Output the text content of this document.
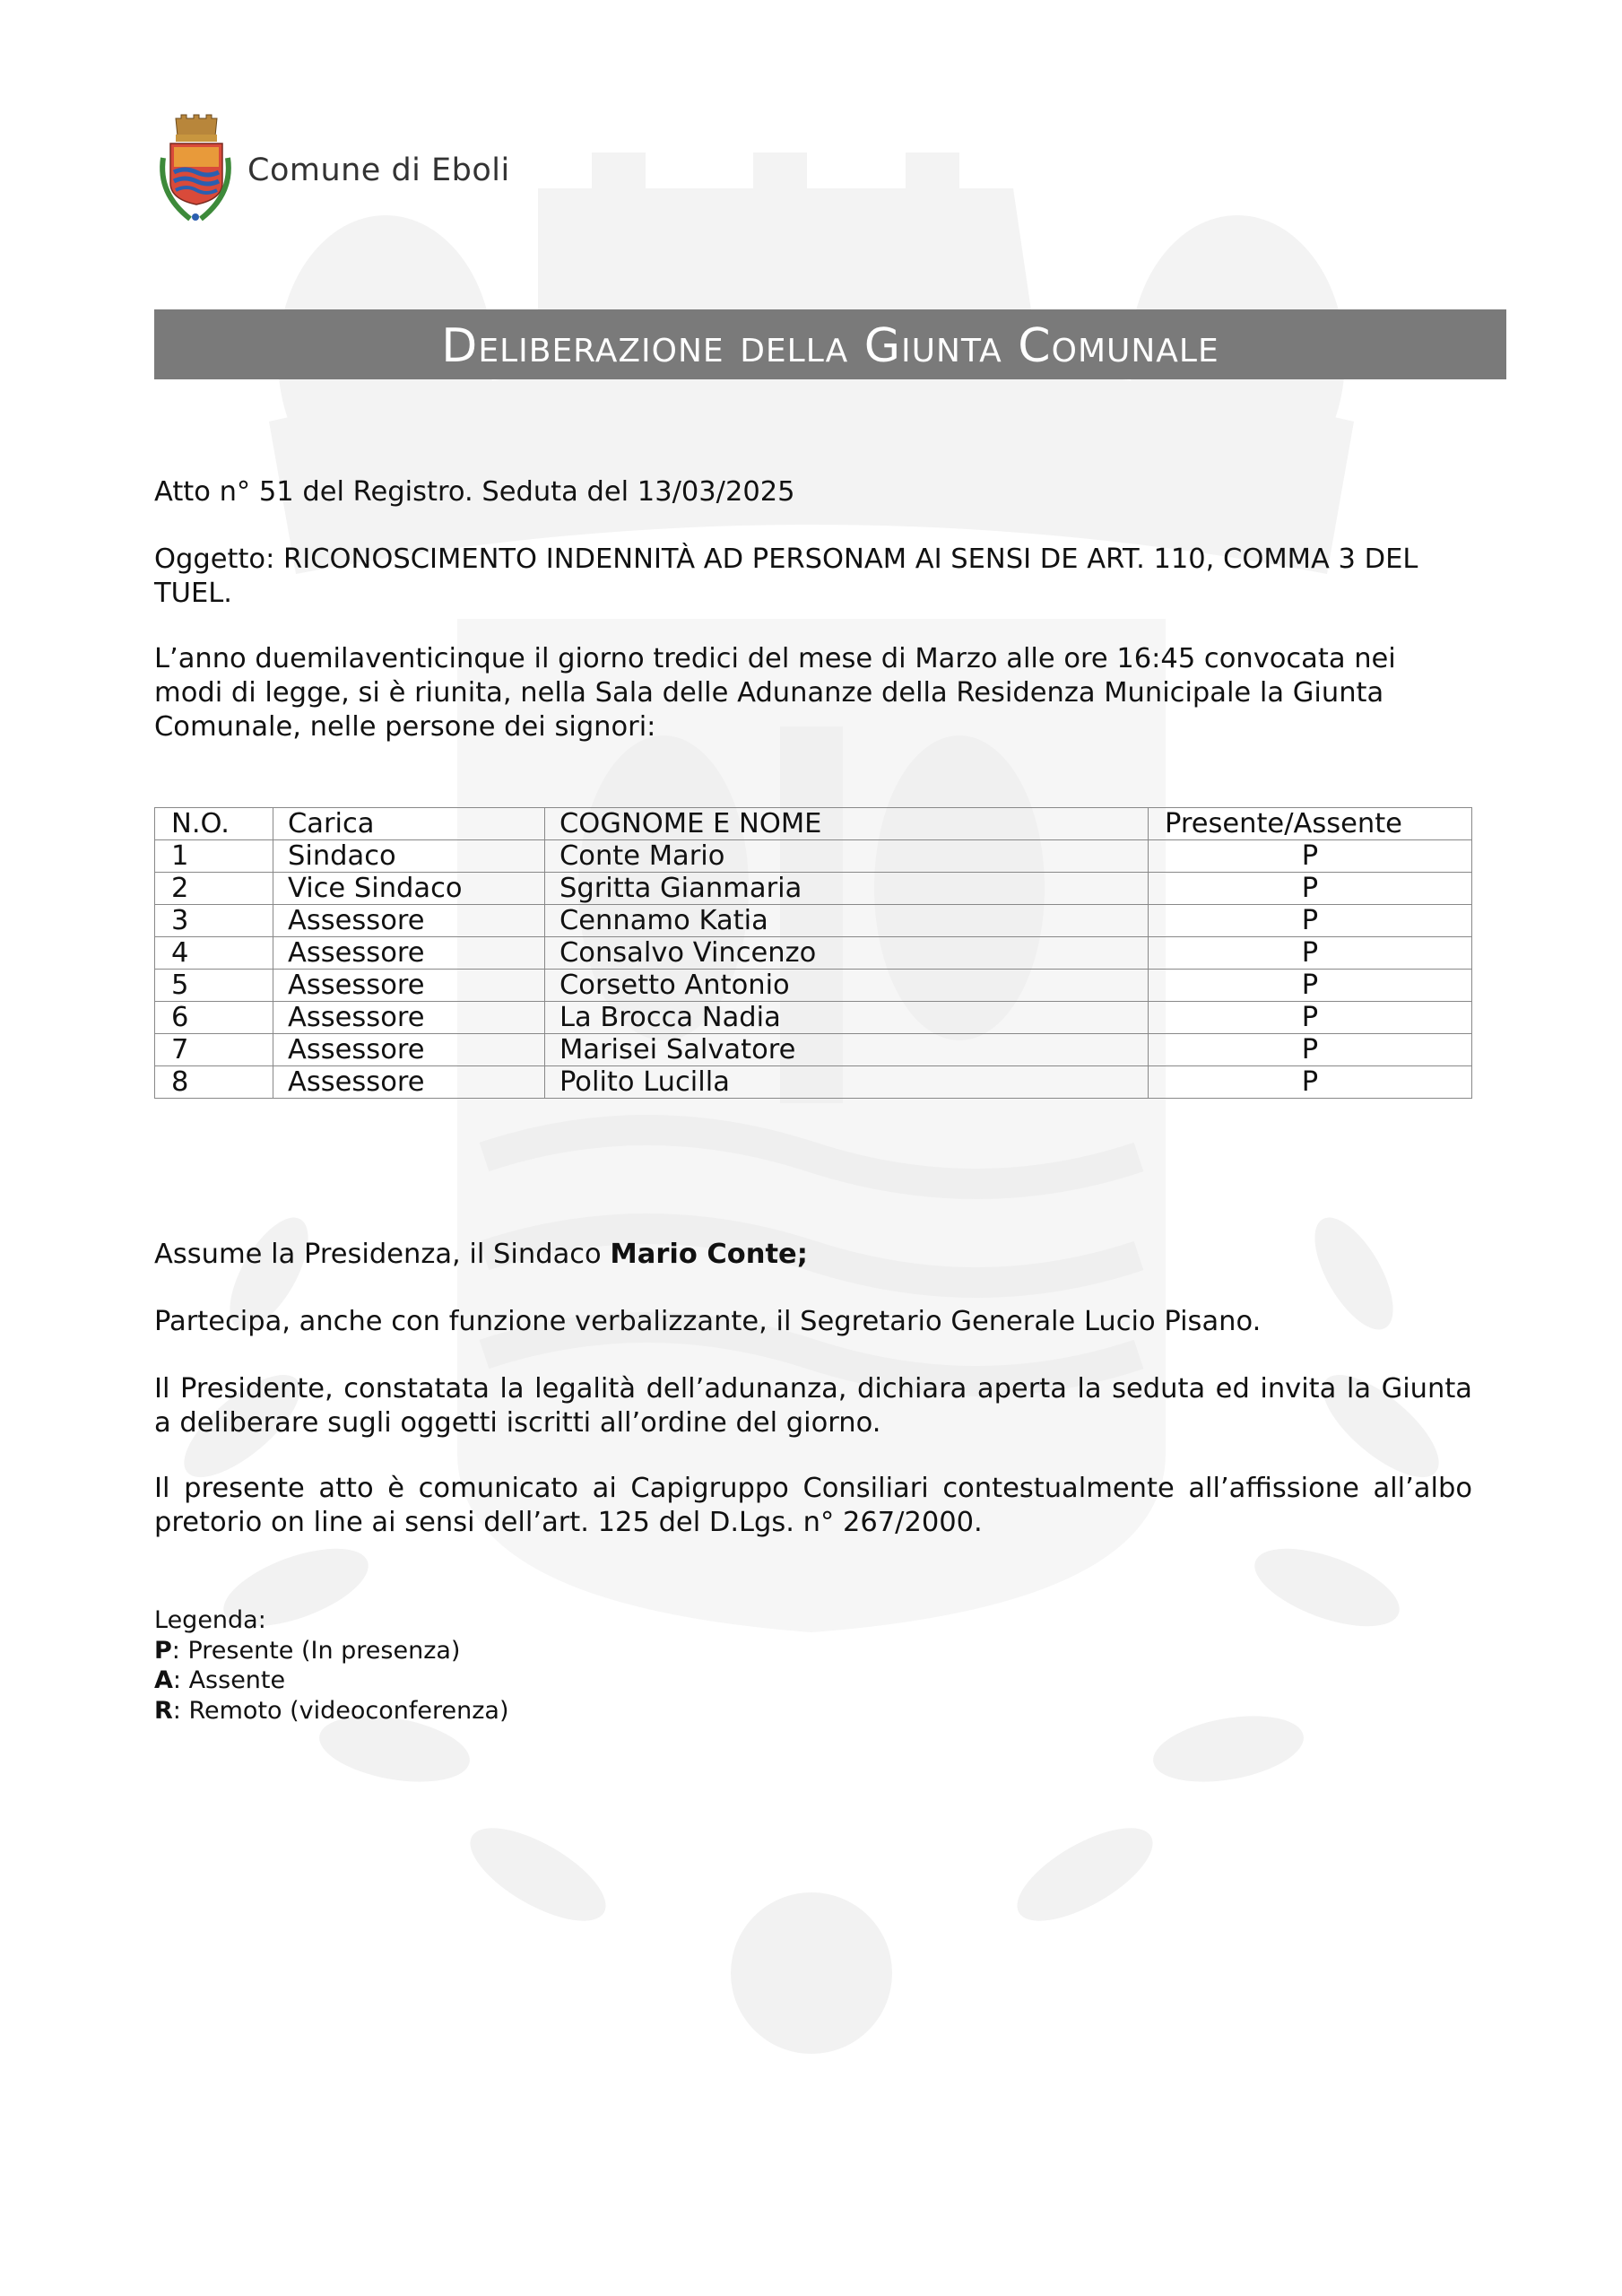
Comune di Eboli
Deliberazione della Giunta Comunale
Atto n° 51 del Registro. Seduta del 13/03/2025
Oggetto: RICONOSCIMENTO INDENNITÀ AD PERSONAM AI SENSI DE ART. 110, COMMA 3 DEL TUEL.
L’anno duemilaventicinque il giorno tredici del mese di Marzo alle ore 16:45 convocata nei modi di legge, si è riunita, nella Sala delle Adunanze della Residenza Municipale la Giunta Comunale, nelle persone dei signori:
N.O.	Carica	COGNOME E NOME	Presente/Assente
1	Sindaco	Conte Mario	P
2	Vice Sindaco	Sgritta Gianmaria	P
3	Assessore	Cennamo Katia	P
4	Assessore	Consalvo Vincenzo	P
5	Assessore	Corsetto Antonio	P
6	Assessore	La Brocca Nadia	P
7	Assessore	Marisei Salvatore	P
8	Assessore	Polito Lucilla	P
Assume la Presidenza, il Sindaco Mario Conte;
Partecipa, anche con funzione verbalizzante, il Segretario Generale Lucio Pisano.
Il Presidente, constatata la legalità dell’adunanza, dichiara aperta la seduta ed invita la Giunta a deliberare sugli oggetti iscritti all’ordine del giorno.
Il presente atto è comunicato ai Capigruppo Consiliari contestualmente all’affissione all’albo pretorio on line ai sensi dell’art. 125 del D.Lgs. n° 267/2000.
Legenda:
P: Presente (In presenza)
A: Assente
R: Remoto (videoconferenza)
